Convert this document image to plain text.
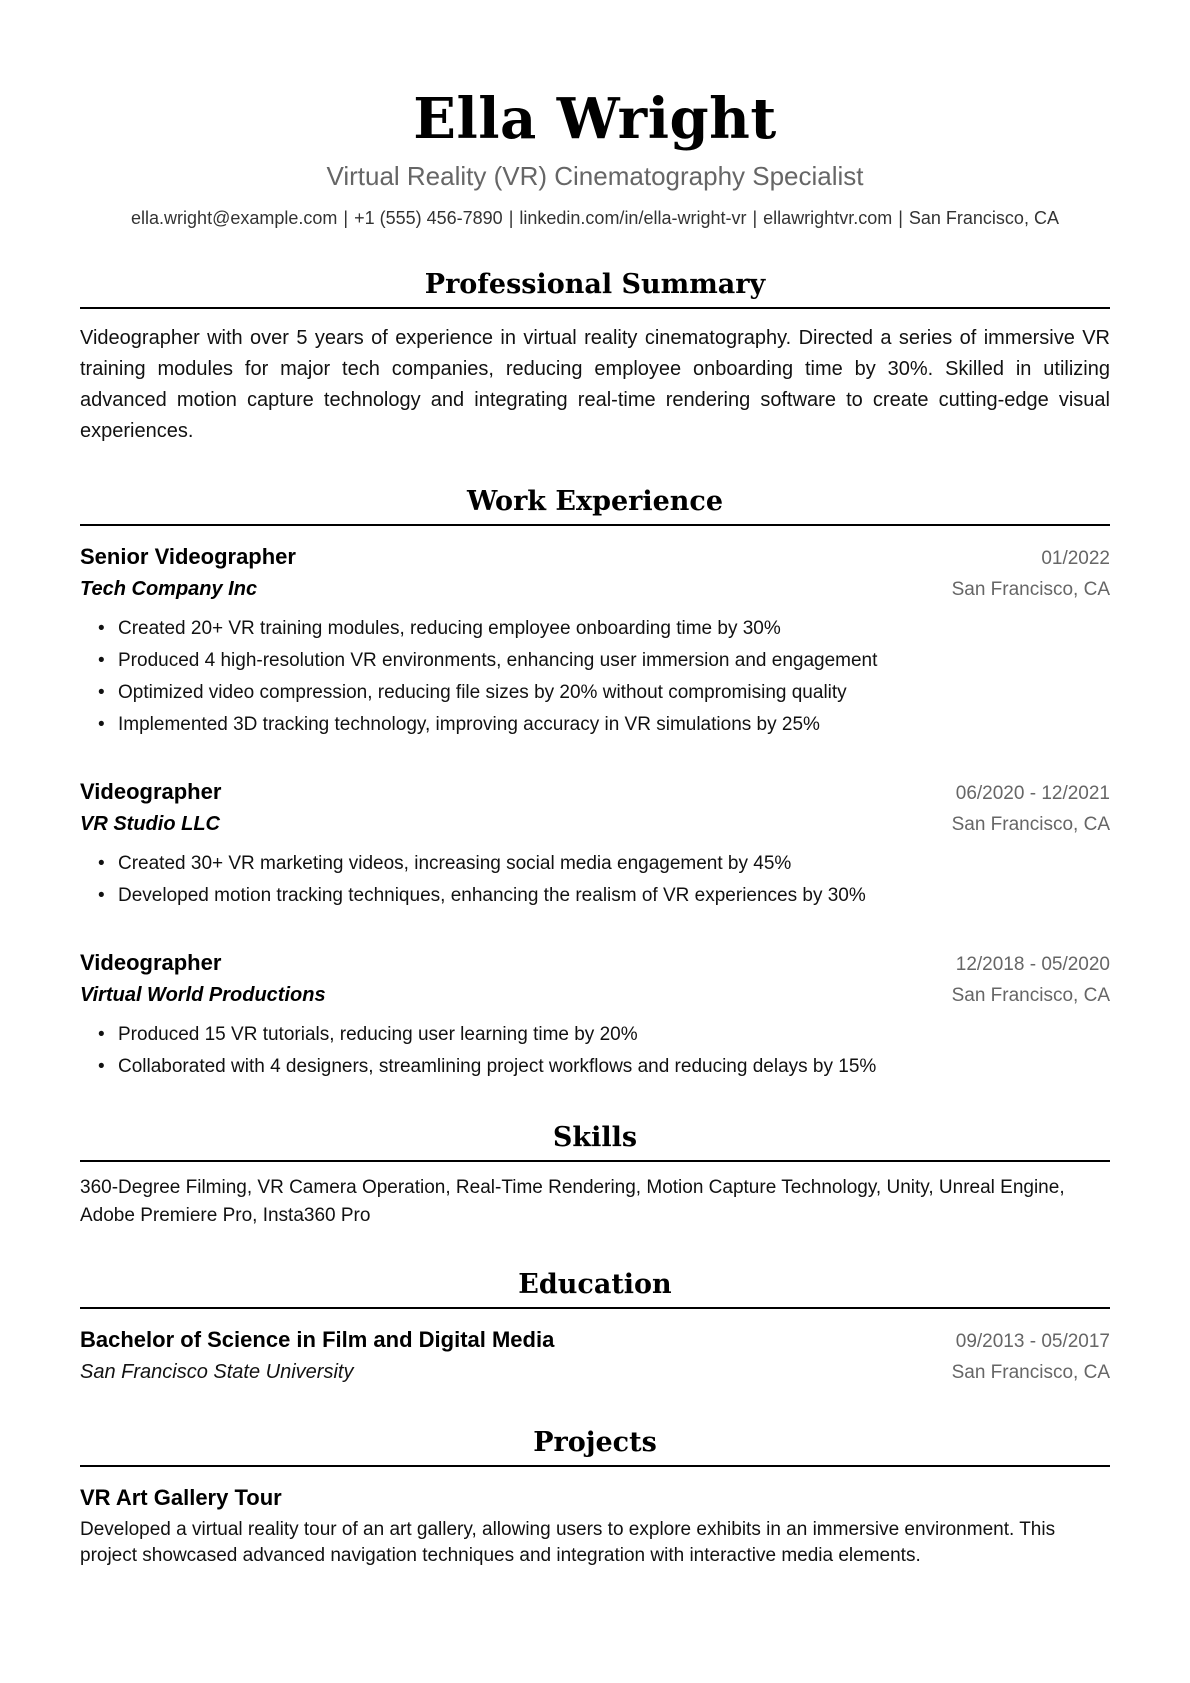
Ella Wright
Virtual Reality (VR) Cinematography Specialist
ella.wright@example.com | +1 (555) 456-7890 | linkedin.com/in/ella-wright-vr | ellawrightvr.com | San Francisco, CA
Professional Summary

Videographer with over 5 years of experience in virtual reality cinematography. Directed a series of immersive VR training modules for major tech companies, reducing employee onboarding time by 30%. Skilled in utilizing advanced motion capture technology and integrating real-time rendering software to create cutting-edge visual experiences.

Work Experience
Senior Videographer	01/2022
Tech Company Inc	San Francisco, CA
• Created 20+ VR training modules, reducing employee onboarding time by 30%
• Produced 4 high-resolution VR environments, enhancing user immersion and engagement
• Optimized video compression, reducing file sizes by 20% without compromising quality
• Implemented 3D tracking technology, improving accuracy in VR simulations by 25%
Videographer	06/2020 - 12/2021
VR Studio LLC	San Francisco, CA
• Created 30+ VR marketing videos, increasing social media engagement by 45%
• Developed motion tracking techniques, enhancing the realism of VR experiences by 30%
Videographer	12/2018 - 05/2020
Virtual World Productions	San Francisco, CA
• Produced 15 VR tutorials, reducing user learning time by 20%
• Collaborated with 4 designers, streamlining project workflows and reducing delays by 15%
Skills

360-Degree Filming, VR Camera Operation, Real-Time Rendering, Motion Capture Technology, Unity, Unreal Engine, Adobe Premiere Pro, Insta360 Pro

Education
Bachelor of Science in Film and Digital Media	09/2013 - 05/2017
San Francisco State University	San Francisco, CA
Projects
VR Art Gallery Tour

Developed a virtual reality tour of an art gallery, allowing users to explore exhibits in an immersive environment. This project showcased advanced navigation techniques and integration with interactive media elements.
